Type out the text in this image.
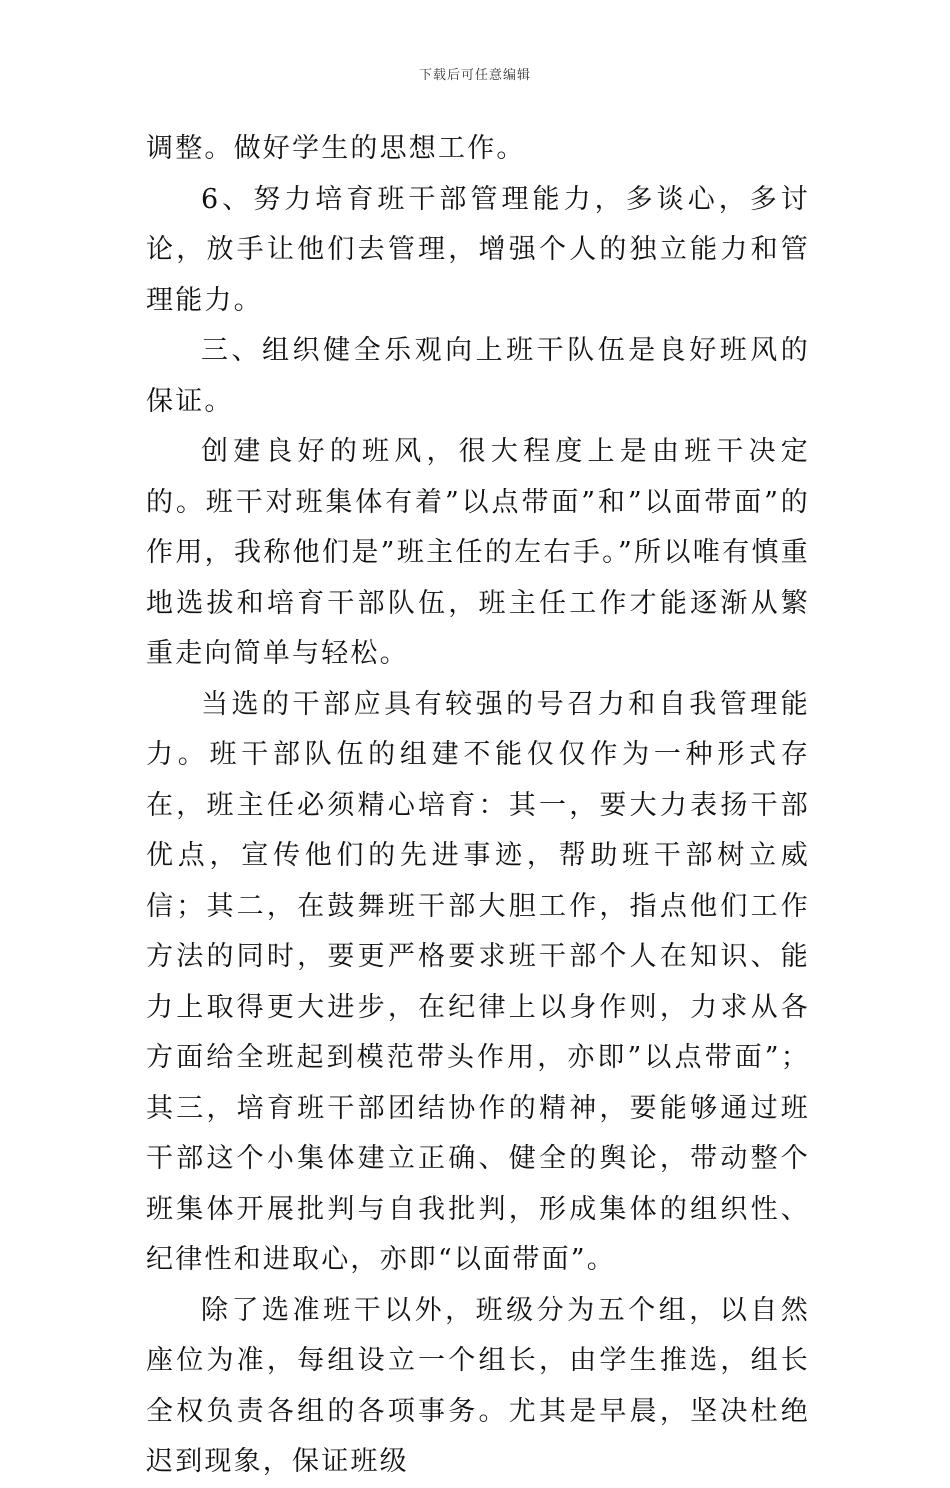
下载后可任意编辑

调整。做好学生的思想工作。

6、努力培育班干部管理能力，多谈心，多讨论，放手让他们去管理，增强个人的独立能力和管理能力。

三、组织健全乐观向上班干队伍是良好班风的保证。

创建良好的班风，很大程度上是由班干决定的。班干对班集体有着”以点带面”和”以面带面”的作用，我称他们是”班主任的左右手。”所以唯有慎重地选拔和培育干部队伍，班主任工作才能逐渐从繁重走向简单与轻松。

当选的干部应具有较强的号召力和自我管理能力。班干部队伍的组建不能仅仅作为一种形式存在，班主任必须精心培育：其一，要大力表扬干部优点，宣传他们的先进事迹，帮助班干部树立威信；其二，在鼓舞班干部大胆工作，指点他们工作方法的同时，要更严格要求班干部个人在知识、能力上取得更大进步，在纪律上以身作则，力求从各方面给全班起到模范带头作用，亦即”以点带面”；其三，培育班干部团结协作的精神，要能够通过班干部这个小集体建立正确、健全的舆论，带动整个班集体开展批判与自我批判，形成集体的组织性、纪律性和进取心，亦即“以面带面”。

除了选准班干以外，班级分为五个组，以自然座位为准，每组设立一个组长，由学生推选，组长全权负责各组的各项事务。尤其是早晨，坚决杜绝迟到现象，保证班级
